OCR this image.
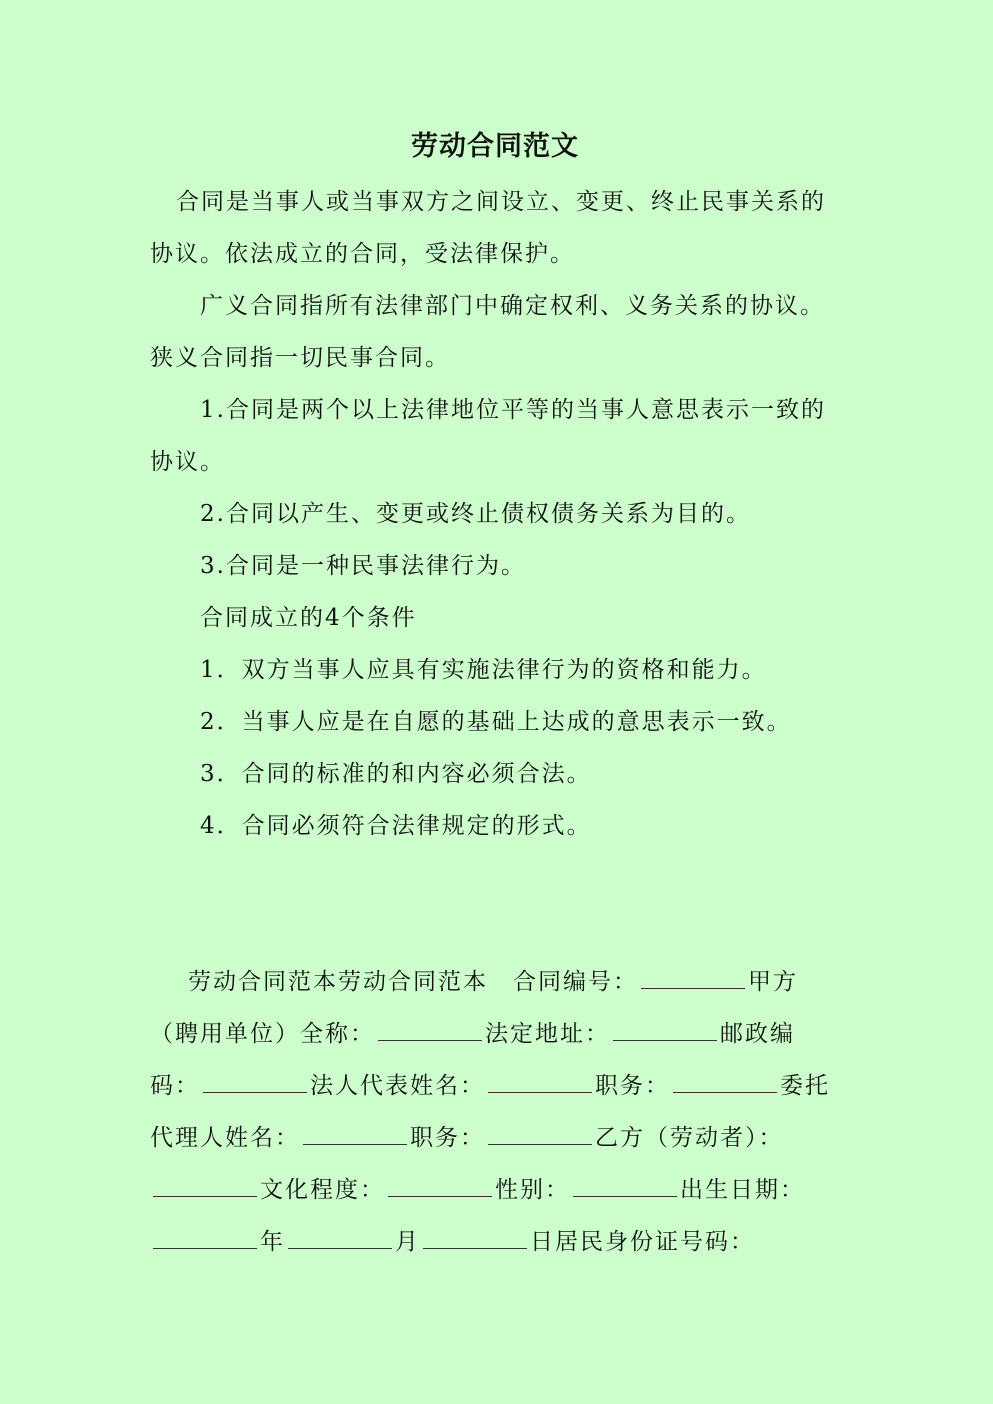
劳动合同范文

合同是当事人或当事双方之间设立、变更、终止民事关系的协议。依法成立的合同，受法律保护。

广义合同指所有法律部门中确定权利、义务关系的协议。狭义合同指一切民事合同。

1.合同是两个以上法律地位平等的当事人意思表示一致的协议。

2.合同以产生、变更或终止债权债务关系为目的。

3.合同是一种民事法律行为。

合同成立的4个条件

1．双方当事人应具有实施法律行为的资格和能力。

2．当事人应是在自愿的基础上达成的意思表示一致。

3．合同的标准的和内容必须合法。

4．合同必须符合法律规定的形式。

劳动合同范本劳动合同范本　合同编号：	甲方（聘用单位）全称：	法定地址：	邮政编码：	法人代表姓名：	职务：	委托代理人姓名：	职务：	乙方（劳动者）：文化程度：	性别：	出生日期：年	月	日居民身份证号码：
